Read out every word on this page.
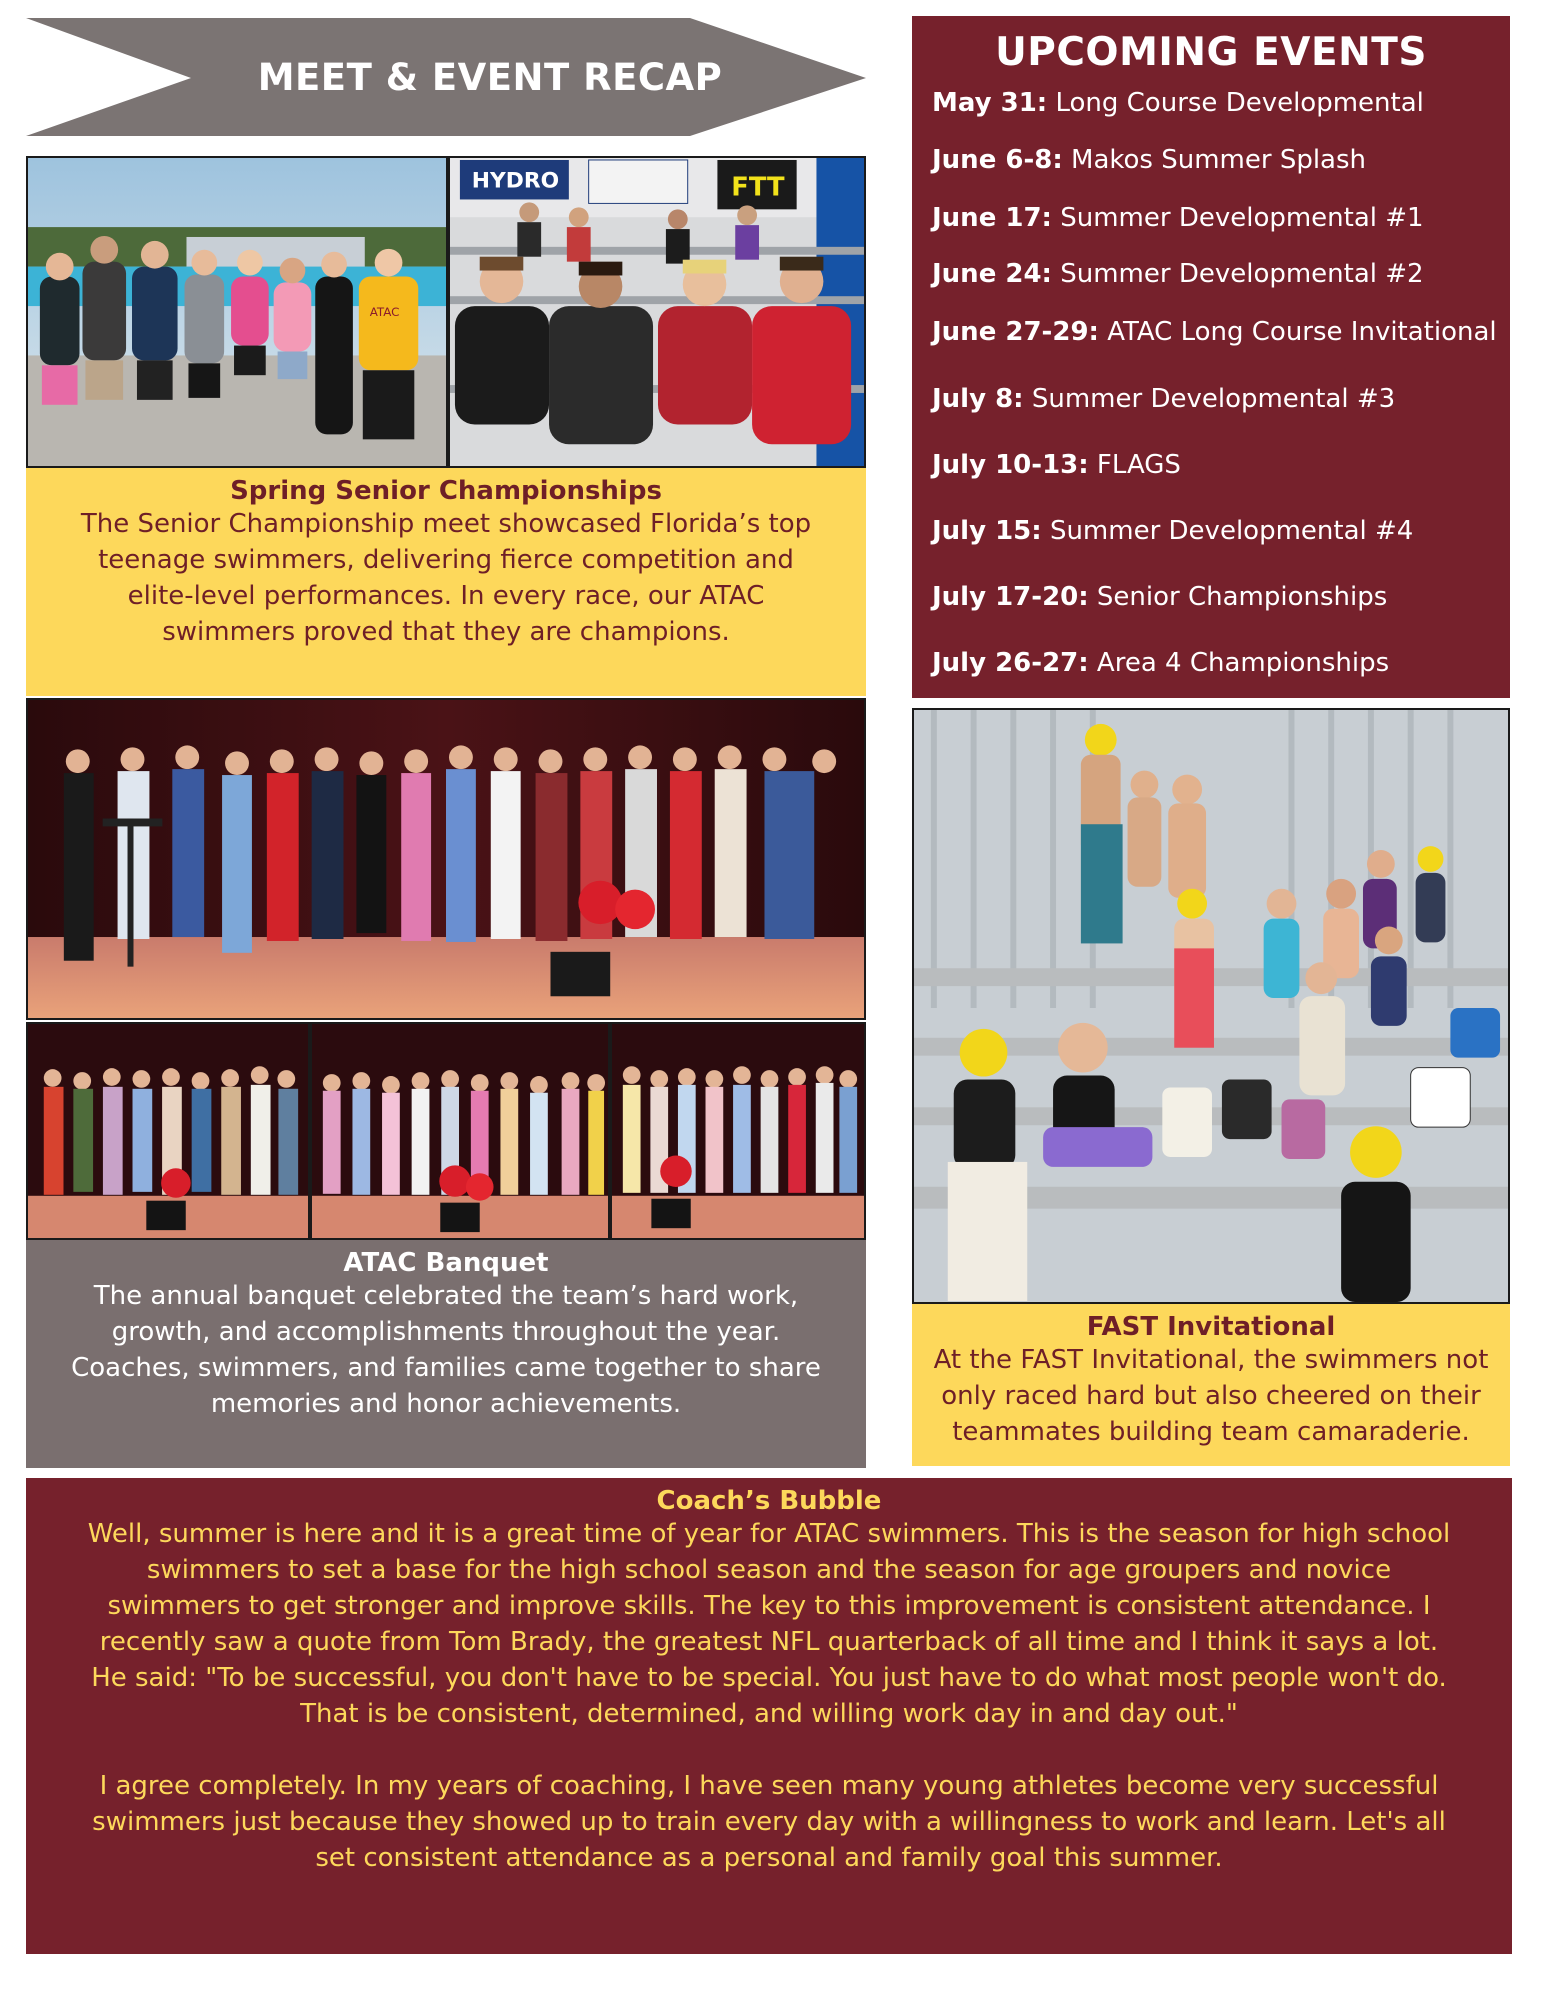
MEET & EVENT RECAP
ATAC
HYDRO	FTT
Spring Senior Championships
The Senior Championship meet showcased Florida’s top
teenage swimmers, delivering fierce competition and
elite-level performances. In every race, our ATAC
swimmers proved that they are champions.
ATAC Banquet
The annual banquet celebrated the team’s hard work,
growth, and accomplishments throughout the year.
Coaches, swimmers, and families came together to share
memories and honor achievements.
UPCOMING EVENTS
May 31: Long Course Developmental
June 6-8: Makos Summer Splash
June 17: Summer Developmental #1
June 24: Summer Developmental #2
June 27-29: ATAC Long Course Invitational
July 8: Summer Developmental #3
July 10-13: FLAGS
July 15: Summer Developmental #4
July 17-20: Senior Championships
July 26-27: Area 4 Championships
FAST Invitational
At the FAST Invitational, the swimmers not
only raced hard but also cheered on their
teammates building team camaraderie.
Coach’s Bubble
Well, summer is here and it is a great time of year for ATAC swimmers. This is the season for high school
swimmers to set a base for the high school season and the season for age groupers and novice
swimmers to get stronger and improve skills. The key to this improvement is consistent attendance. I
recently saw a quote from Tom Brady, the greatest NFL quarterback of all time and I think it says a lot.
He said: "To be successful, you don't have to be special. You just have to do what most people won't do.
That is be consistent, determined, and willing work day in and day out."
I agree completely. In my years of coaching, I have seen many young athletes become very successful
swimmers just because they showed up to train every day with a willingness to work and learn. Let's all
set consistent attendance as a personal and family goal this summer.
